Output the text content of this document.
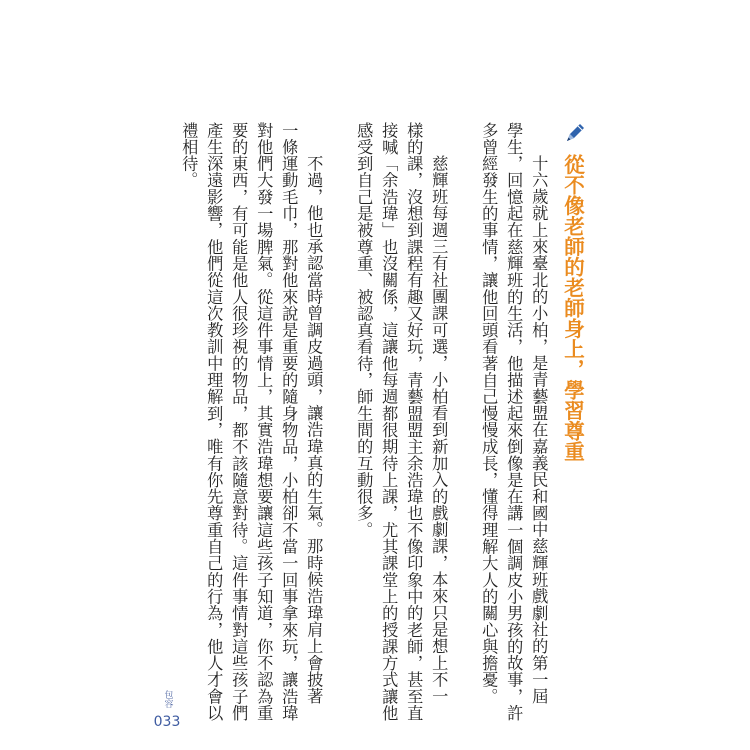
從不像老師的老師身上，學習尊重
十六歲就上來臺北的小柏，是青藝盟在嘉義民和國中慈輝班戲劇社的第一屆
學生，回憶起在慈輝班的生活，他描述起來倒像是在講一個調皮小男孩的故事，許
多曾經發生的事情，讓他回頭看著自己慢慢成長，懂得理解大人的關心與擔憂。
慈輝班每週三有社團課可選，小柏看到新加入的戲劇課，本來只是想上不一
樣的課，沒想到課程有趣又好玩，青藝盟盟主余浩瑋也不像印象中的老師，甚至直
接喊「余浩瑋」也沒關係，這讓他每週都很期待上課，尤其課堂上的授課方式讓他
感受到自己是被尊重、被認真看待，師生間的互動很多。
不過，他也承認當時曾調皮過頭，讓浩瑋真的生氣。那時候浩瑋肩上會披著
一條運動毛巾，那對他來說是重要的隨身物品，小柏卻不當一回事拿來玩，讓浩瑋
對他們大發一場脾氣。從這件事情上，其實浩瑋想要讓這些孩子知道，你不認為重
要的東西，有可能是他人很珍視的物品，都不該隨意對待。這件事情對這些孩子們
產生深遠影響，他們從這次教訓中理解到，唯有你先尊重自己的行為，他人才會以
禮相待。
包容
033
